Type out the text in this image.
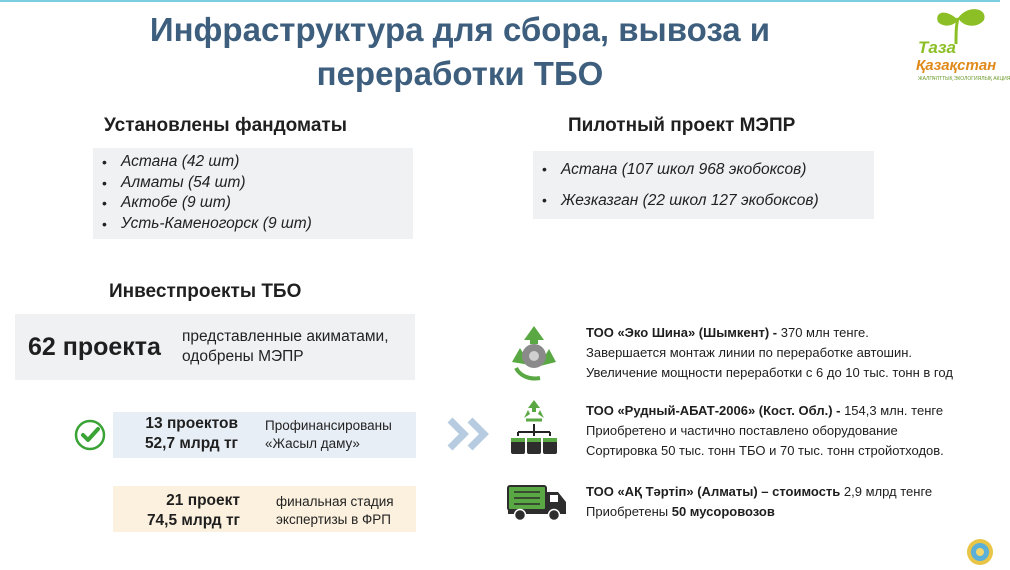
Инфраструктура для сбора, вывоза и
переработки ТБО
Таза
Қазақстан
ЖАЛПҰЛТТЫҚ ЭКОЛОГИЯЛЫҚ АКЦИЯ
Установлены фандоматы
• Астана (42 шт)
• Алматы (54 шт)
• Актобе (9 шт)
• Усть-Каменогорск (9 шт)
Пилотный проект МЭПР
• Астана (107 школ 968 экобоксов)
• Жезказган (22 школ 127 экобоксов)
Инвестпроекты ТБО
62 проекта представленные акиматами,
одобрены МЭПР
13 проектов
52,7 млрд тг
Профинансированы
«Жасыл даму»
21 проект
74,5 млрд тг
финальная стадия
экспертизы в ФРП
ТОО «Эко Шина» (Шымкент) - 370 млн тенге.
Завершается монтаж линии по переработке автошин.
Увеличение мощности переработки с 6 до 10 тыс. тонн в год
ТОО «Рудный-АБАТ-2006» (Кост. Обл.) - 154,3 млн. тенге
Приобретено и частично поставлено оборудование
Сортировка 50 тыс. тонн ТБО и 70 тыс. тонн стройотходов.
ТОО «АҚ Тәртіп» (Алматы) – стоимость 2,9 млрд тенге
Приобретены 50 мусоровозов
